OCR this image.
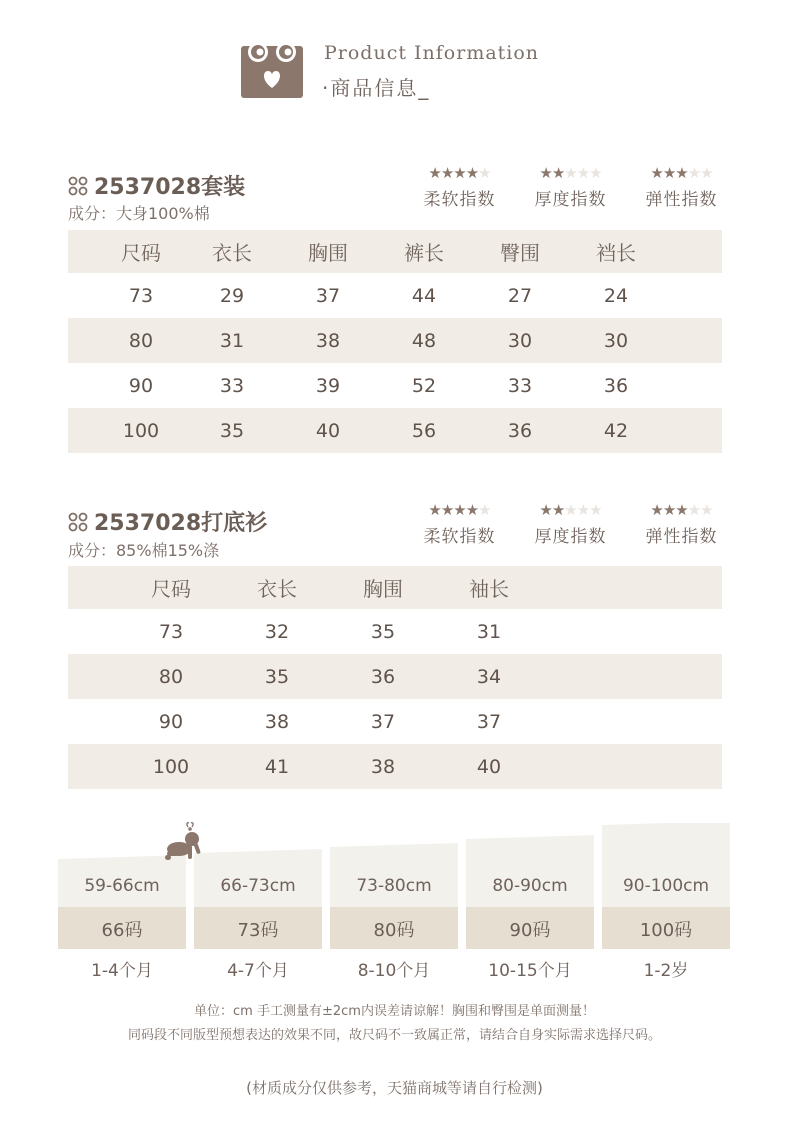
Product Information
·商品信息_
2537028套装
成分：大身100%棉
★★★★★
柔软指数
★★★★★
厚度指数
★★★★★
弹性指数
尺码	衣长	胸围	裤长	臀围	裆长
73	29	37	44	27	24
80	31	38	48	30	30
90	33	39	52	33	36
100	35	40	56	36	42
2537028打底衫
成分：85%棉15%涤
★★★★★
柔软指数
★★★★★
厚度指数
★★★★★
弹性指数
尺码	衣长	胸围	袖长
73	32	35	31
80	35	36	34
90	38	37	37
100	41	38	40
59-66cm
66码
66-73cm
73码
73-80cm
80码
80-90cm
90码
90-100cm
100码
1-4个月	4-7个月	8-10个月	10-15个月	1-2岁
单位：cm 手工测量有±2cm内误差请谅解！胸围和臀围是单面测量！
同码段不同版型预想表达的效果不同，故尺码不一致属正常，请结合自身实际需求选择尺码。
(材质成分仅供参考，天猫商城等请自行检测)
